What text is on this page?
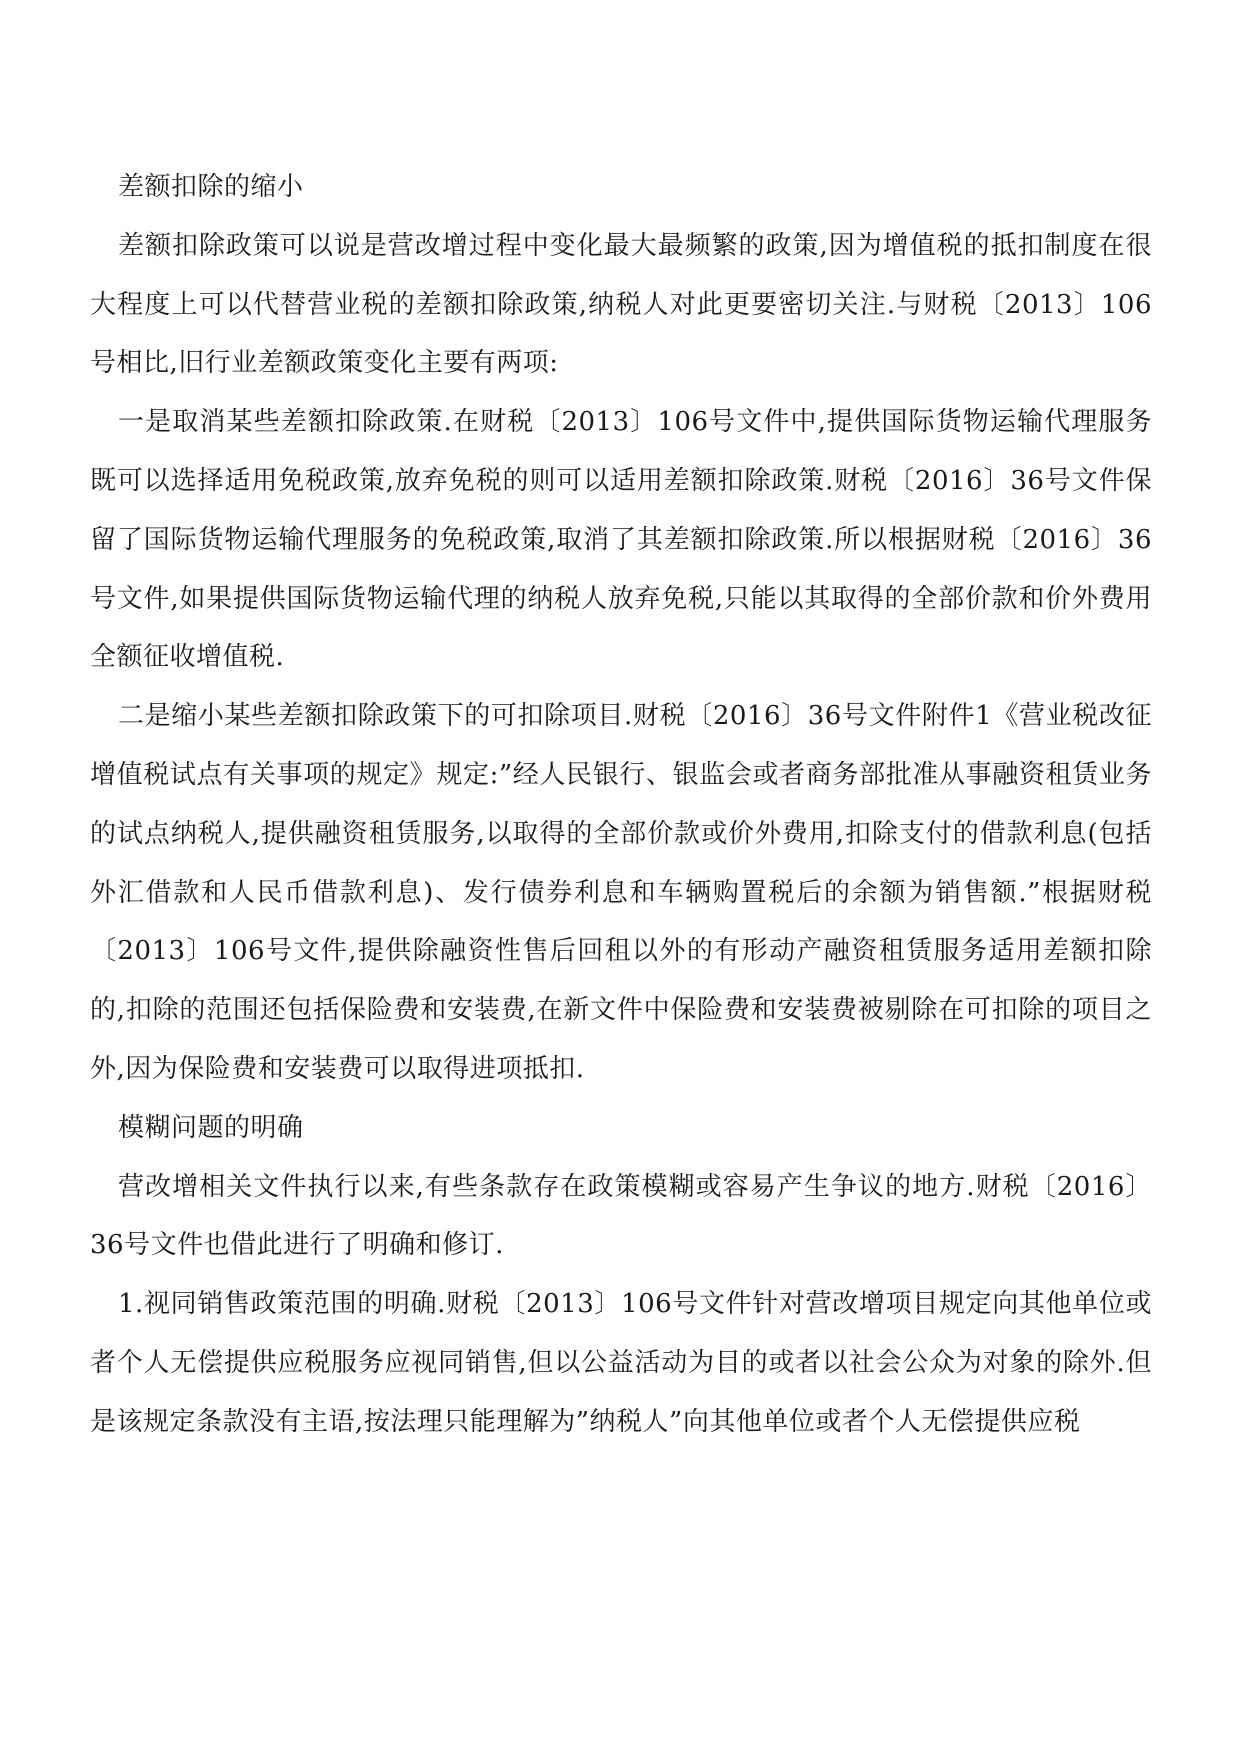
差额扣除的缩小

差额扣除政策可以说是营改增过程中变化最大最频繁的政策,因为增值税的抵扣制度在很大程度上可以代替营业税的差额扣除政策,纳税人对此更要密切关注.与财税〔2013〕106号相比,旧行业差额政策变化主要有两项:

一是取消某些差额扣除政策.在财税〔2013〕106号文件中,提供国际货物运输代理服务既可以选择适用免税政策,放弃免税的则可以适用差额扣除政策.财税〔2016〕36号文件保留了国际货物运输代理服务的免税政策,取消了其差额扣除政策.所以根据财税〔2016〕36号文件,如果提供国际货物运输代理的纳税人放弃免税,只能以其取得的全部价款和价外费用全额征收增值税.

二是缩小某些差额扣除政策下的可扣除项目.财税〔2016〕36号文件附件1《营业税改征增值税试点有关事项的规定》规定:”经人民银行、银监会或者商务部批准从事融资租赁业务的试点纳税人,提供融资租赁服务,以取得的全部价款或价外费用,扣除支付的借款利息(包括外汇借款和人民币借款利息)、发行债券利息和车辆购置税后的余额为销售额.”根据财税〔2013〕106号文件,提供除融资性售后回租以外的有形动产融资租赁服务适用差额扣除的,扣除的范围还包括保险费和安装费,在新文件中保险费和安装费被剔除在可扣除的项目之外,因为保险费和安装费可以取得进项抵扣.

模糊问题的明确

营改增相关文件执行以来,有些条款存在政策模糊或容易产生争议的地方.财税〔2016〕36号文件也借此进行了明确和修订.

1.视同销售政策范围的明确.财税〔2013〕106号文件针对营改增项目规定向其他单位或者个人无偿提供应税服务应视同销售,但以公益活动为目的或者以社会公众为对象的除外.但是该规定条款没有主语,按法理只能理解为”纳税人”向其他单位或者个人无偿提供应税
